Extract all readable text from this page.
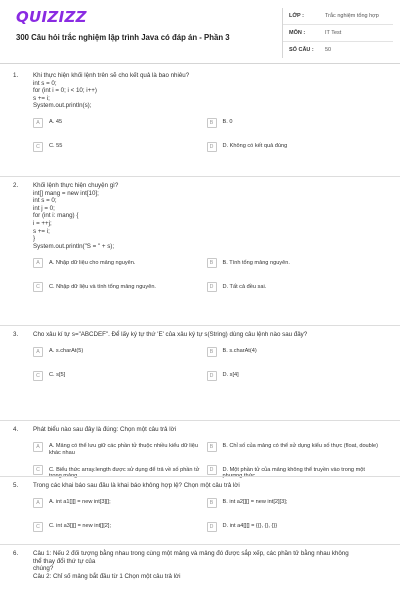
QUIZIZZ
300 Câu hỏi trắc nghiệm lập trình Java có đáp án - Phần 3
LỚP :	Trắc nghiệm tổng hợp
MÔN :	IT Test
SỐ CÂU :	50
1. Khi thực hiện khối lệnh trên sẽ cho kết quả là bao nhiêu?
int s = 0;
for (int i = 0; i < 10; i++)
s += i;
System.out.println(s);
A	A. 45	B	B. 0
C	C. 55	D	D. Không có kết quả đúng
2. Khối lệnh thực hiện chuyện gì?
int[] mang = new int[10];
int s = 0;
int j = 0;
for (int i: mang) {
i = ++j;
s += i;
}
System.out.println("S = " + s);
A	A. Nhập dữ liệu cho mảng nguyên.	B	B. Tính tổng mảng nguyên.
C	C. Nhập dữ liệu và tính tổng mảng nguyên.	D	D. Tất cả đều sai.
3. Cho xâu kí tự s="ABCDEF". Để lấy ký tự thứ 'E' của xâu ký tự s(String) dùng câu lệnh nào sau đây?
A	A. s.charAt(5)	B	B. s.charAt(4)
C	C. s[5]	D	D. s[4]
4. Phát biểu nào sau đây là đúng: Chọn một câu trả lời
A	A. Mảng có thể lưu giữ các phần tử thuộc nhiều kiểu dữ liệu khác nhau
B	B. Chỉ số của mảng có thể sử dụng kiểu số thực (float, double)
C	C. Biểu thức array.length được sử dụng để trả về số phần tử	D	D. Một phần tử của mảng không thể truyền vào trong một
5. Trong các khai báo sau đâu là khai báo không hợp lệ? Chọn một câu trả lời
A	A. int a1[][] = new int[3][];	B	B. int a2[][] = new int[2][3];
C	C. int a3[][] = new int[][2];	D	D. int a4[][] = {{}, {}, {}}
6. Câu 1: Nếu 2 đối tượng bằng nhau trong cùng một mảng và mảng đó được sắp xếp, các phần tử bằng nhau không
thể thay đổi thứ tự của
chúng?
Câu 2: Chỉ số mảng bắt đầu từ 1 Chọn một câu trả lời
